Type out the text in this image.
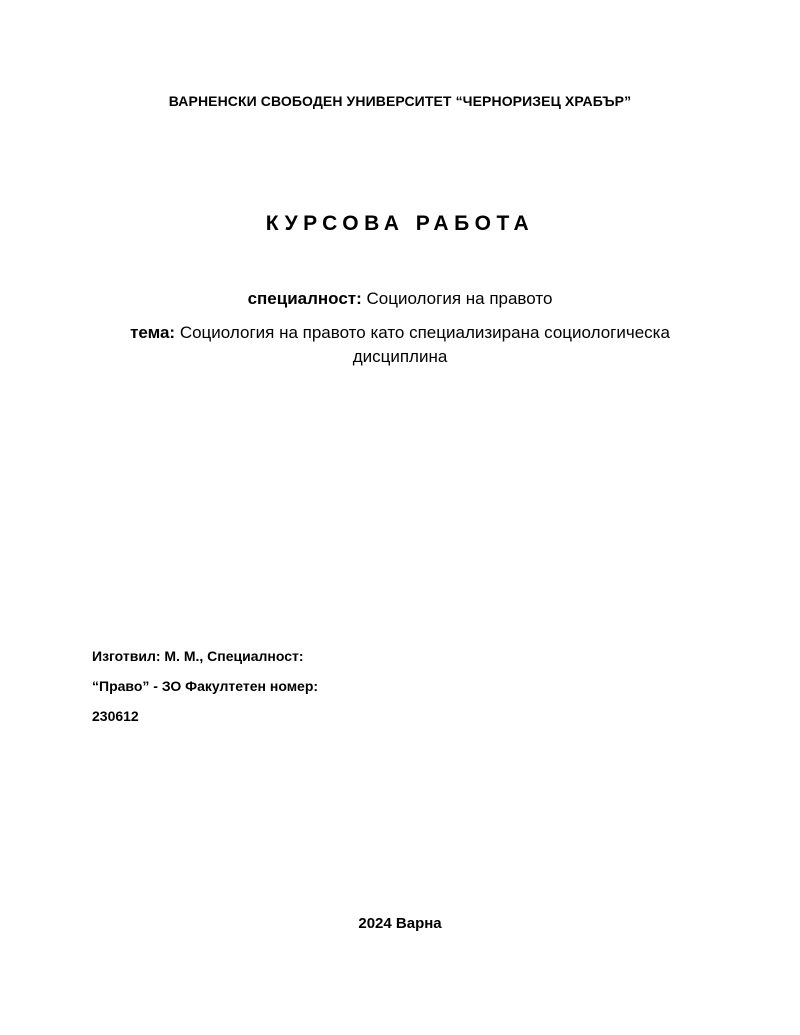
ВАРНЕНСКИ СВОБОДЕН УНИВЕРСИТЕТ “ЧЕРНОРИЗЕЦ ХРАБЪР”
КУРСОВА РАБОТА
специалност: Социология на правото
тема: Социология на правото като специализирана социологическа дисциплина
Изготвил: М. М., Специалност:
“Право” - ЗО Факултетен номер:
230612
2024 Варна
